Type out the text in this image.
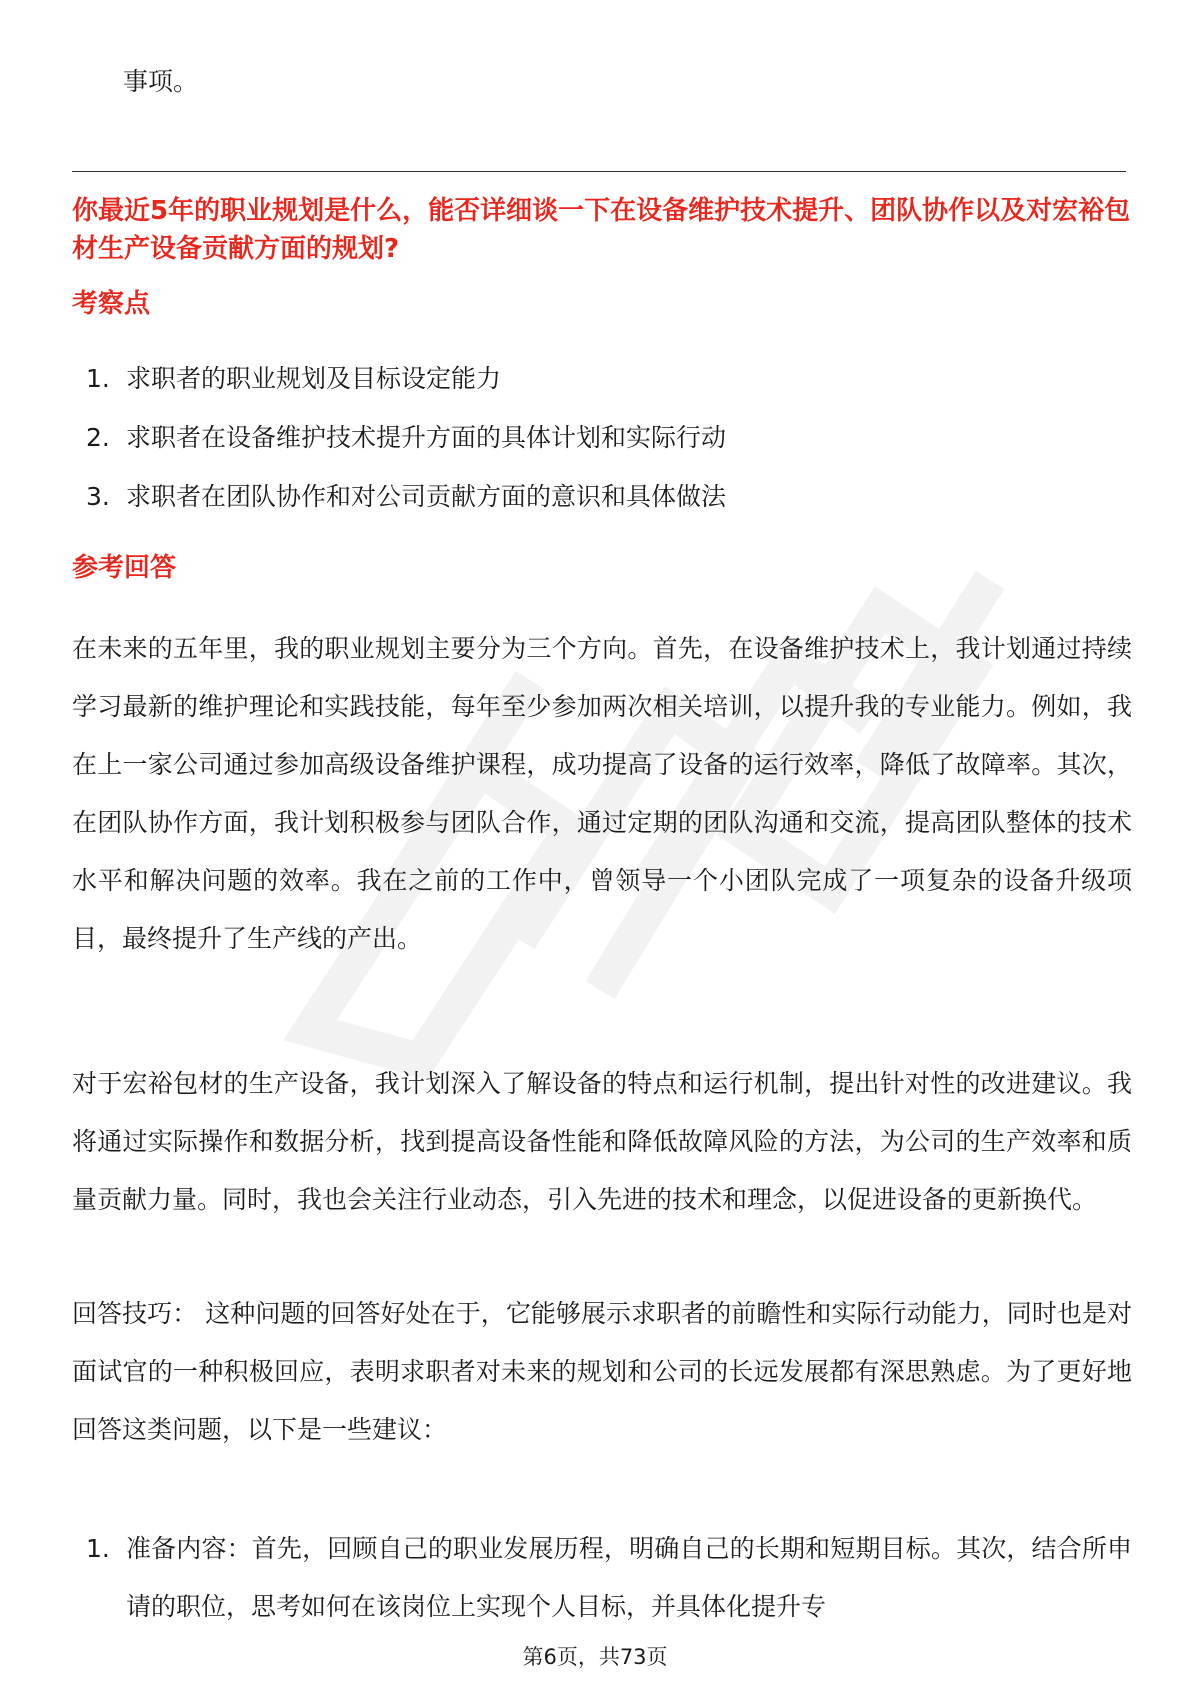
事项。
你最近5年的职业规划是什么，能否详细谈一下在设备维护技术提升、团队协作以及对宏裕包材生产设备贡献方面的规划?
考察点
1. 求职者的职业规划及目标设定能力
2. 求职者在设备维护技术提升方面的具体计划和实际行动
3. 求职者在团队协作和对公司贡献方面的意识和具体做法
参考回答

在未来的五年里，我的职业规划主要分为三个方向。首先，在设备维护技术上，我计划通过持续学习最新的维护理论和实践技能，每年至少参加两次相关培训，以提升我的专业能力。例如，我在上一家公司通过参加高级设备维护课程，成功提高了设备的运行效率，降低了故障率。其次，在团队协作方面，我计划积极参与团队合作，通过定期的团队沟通和交流，提高团队整体的技术水平和解决问题的效率。我在之前的工作中，曾领导一个小团队完成了一项复杂的设备升级项目，最终提升了生产线的产出。

对于宏裕包材的生产设备，我计划深入了解设备的特点和运行机制，提出针对性的改进建议。我将通过实际操作和数据分析，找到提高设备性能和降低故障风险的方法，为公司的生产效率和质量贡献力量。同时，我也会关注行业动态，引入先进的技术和理念，以促进设备的更新换代。

回答技巧： 这种问题的回答好处在于，它能够展示求职者的前瞻性和实际行动能力，同时也是对面试官的一种积极回应，表明求职者对未来的规划和公司的长远发展都有深思熟虑。为了更好地回答这类问题，以下是一些建议：

1. 准备内容：首先，回顾自己的职业发展历程，明确自己的长期和短期目标。其次，结合所申请的职位，思考如何在该岗位上实现个人目标，并具体化提升专
第6页，共73页
